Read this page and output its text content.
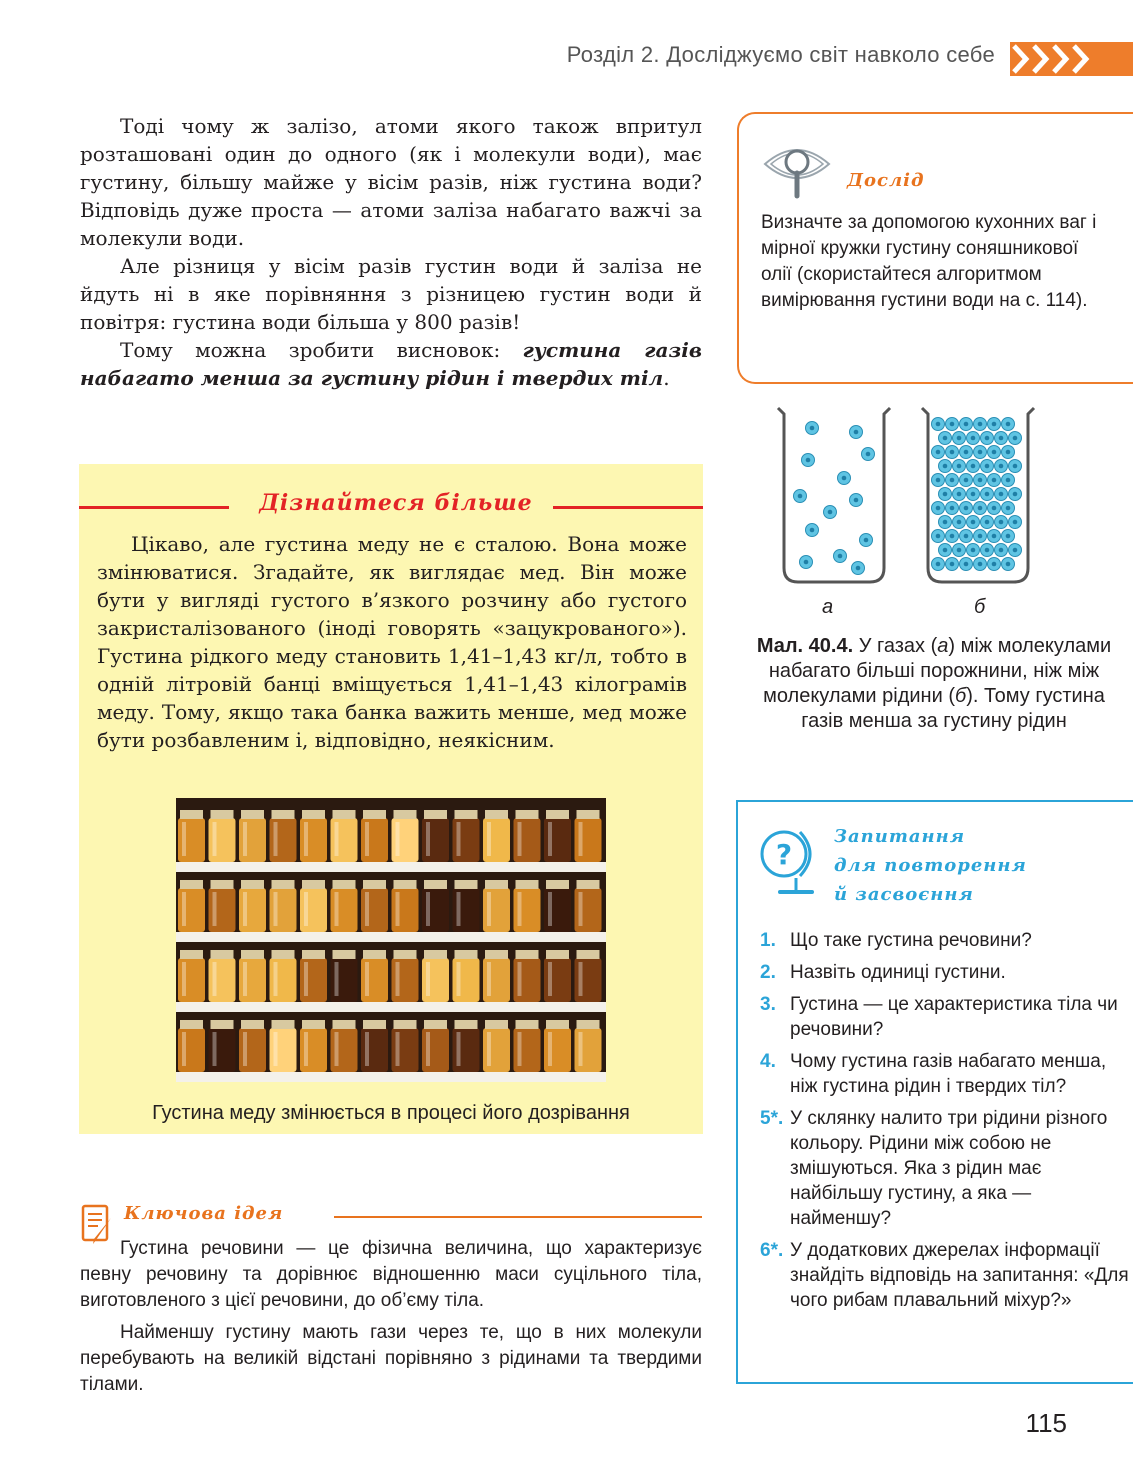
Розділ 2. Досліджуємо світ навколо себе

Тоді чому ж залізо, атоми якого також впритул розташовані один до одного (як і молекули води), має густину, більшу майже у вісім разів, ніж густина води? Відповідь дуже проста — атоми заліза набагато важчі за молекули води.

Але різниця у вісім разів густин води й заліза не йдуть ні в яке порівняння з різницею густин води й повітря: густина води більша у 800 разів!

Тому можна зробити висновок: густина газів набагато менша за густину рідин і твердих тіл.

Дізнайтеся більше

Цікаво, але густина меду не є сталою. Вона може змінюватися. Згадайте, як виглядає мед. Він може бути у вигляді густого в’язкого розчину або густого закристалізованого (іноді говорять «зацукрованого»). Густина рідкого меду становить 1,41–1,43 кг/л, тобто в одній літровій банці вміщується 1,41–1,43 кілограмів меду. Тому, якщо така банка важить менше, мед може бути розбавленим і, відповідно, неякісним.

Густина меду змінюється в процесі його дозрівання
Ключова ідея

Густина речовини — це фізична величина, що характеризує певну речовину та дорівнює відношенню маси суцільного тіла, виготовленого з цієї речовини, до об’єму тіла.

Найменшу густину мають гази через те, що в них молекули перебувають на великій відстані порівняно з рідинами та твердими тілами.

Дослід
Визначте за допомогою кухонних ваг і мірної кружки густину соняшникової олії (скористайтеся алгоритмом вимірювання густини води на с. 114).
а	б
Мал. 40.4. У газах (а) між молекулами набагато більші порожнини, ніж між молекулами рідини (б). Тому густина газів менша за густину рідин
?
Запитання
для повторення
й засвоєння
1. Що таке густина речовини?
2. Назвіть одиниці густини.
3. Густина — це характеристика тіла чи речовини?
4. Чому густина газів набагато менша, ніж густина рідин і твердих тіл?
5*. У склянку налито три рідини різного кольору. Рідини між собою не змішуються. Яка з рідин має найбільшу густину, а яка — найменшу?
6*. У додаткових джерелах інформації знайдіть відповідь на запитання: «Для чого рибам плавальний міхур?»
115
